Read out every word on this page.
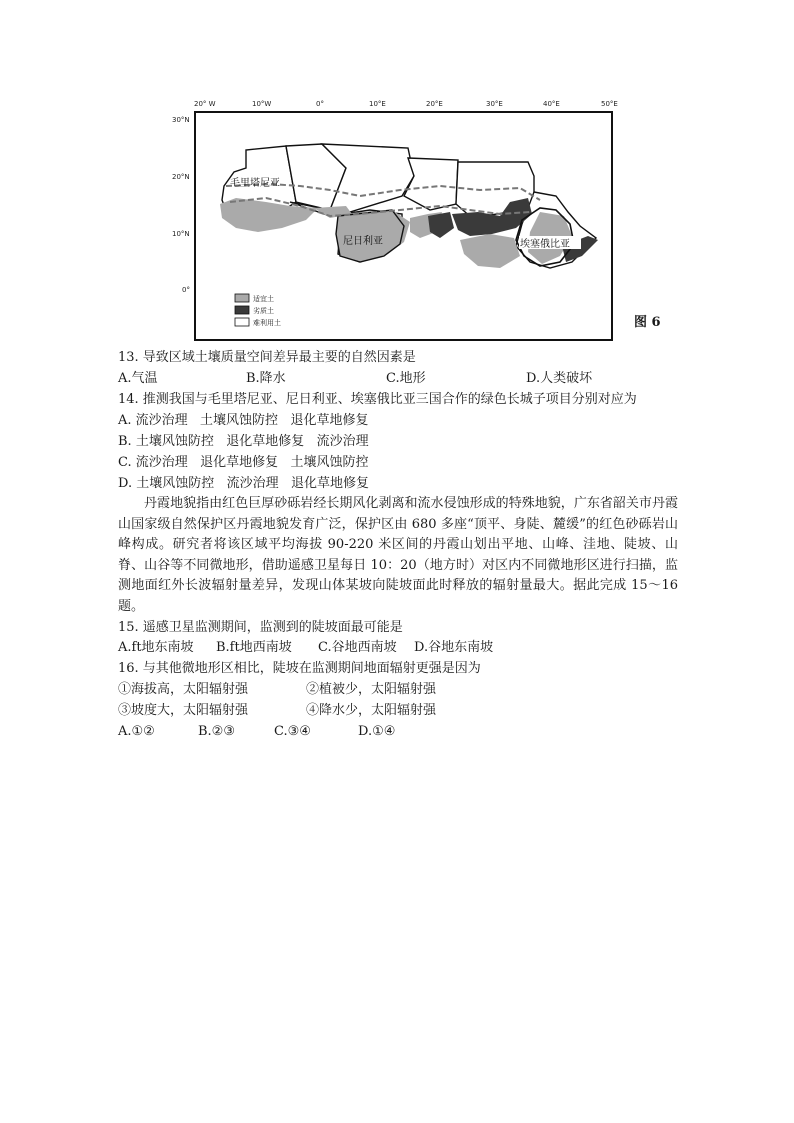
20° W	10°W	0°	10°E	20°E	30°E	40°E	50°E
30°N
20°N
10°N
0°
毛里塔尼亚
尼日利亚	埃塞俄比亚
适宜土
劣质土
难利用土	图 6
13. 导致区域土壤质量空间差异最主要的自然因素是
A.气温	B.降水	C.地形	D.人类破坏
14. 推测我国与毛里塔尼亚、尼日利亚、埃塞俄比亚三国合作的绿色长城子项目分别对应为
A. 流沙治理   土壤风蚀防控   退化草地修复
B. 土壤风蚀防控   退化草地修复   流沙治理
C. 流沙治理   退化草地修复   土壤风蚀防控
D. 土壤风蚀防控   流沙治理   退化草地修复
丹霞地貌指由红色巨厚砂砾岩经长期风化剥离和流水侵蚀形成的特殊地貌，广东省韶关市丹霞山国家级自然保护区丹霞地貌发育广泛，保护区由 680 多座“顶平、身陡、麓缓”的红色砂砾岩山峰构成。研究者将该区域平均海拔 90-220 米区间的丹霞山划出平地、山峰、洼地、陡坡、山脊、山谷等不同微地形，借助遥感卫星每日 10：20（地方时）对区内不同微地形区进行扫描，监测地面红外长波辐射量差异，发现山体某坡向陡坡面此时释放的辐射量最大。据此完成 15～16 题。
15. 遥感卫星监测期间，监测到的陡坡面最可能是
A.ft地东南坡 B.ft地西南坡 C.谷地西南坡 D.谷地东南坡
16. 与其他微地形区相比，陡坡在监测期间地面辐射更强是因为
①海拔高，太阳辐射强	②植被少，太阳辐射强
③坡度大，太阳辐射强	④降水少，太阳辐射强
A.①②	B.②③	C.③④	D.①④
